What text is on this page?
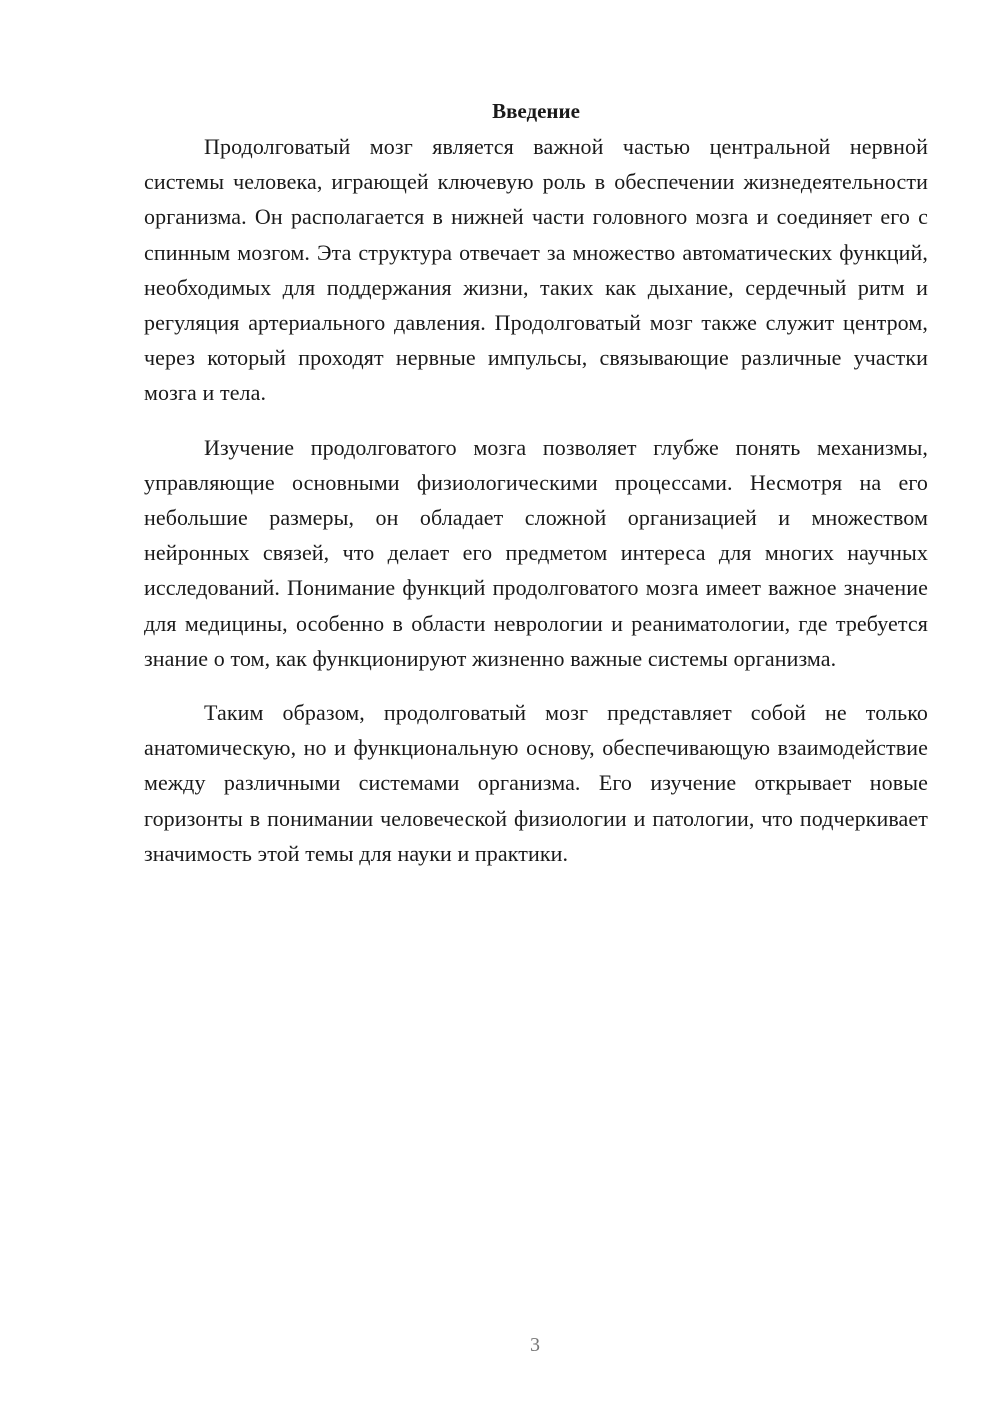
Введение

Продолговатый мозг является важной частью центральной нервной системы человека, играющей ключевую роль в обеспечении жизнедеятельности организма. Он располагается в нижней части головного мозга и соединяет его с спинным мозгом. Эта структура отвечает за множество автоматических функций, необходимых для поддержания жизни, таких как дыхание, сердечный ритм и регуляция артериального давления. Продолговатый мозг также служит центром, через который проходят нервные импульсы, связывающие различные участки мозга и тела.

Изучение продолговатого мозга позволяет глубже понять механизмы, управляющие основными физиологическими процессами. Несмотря на его небольшие размеры, он обладает сложной организацией и множеством нейронных связей, что делает его предметом интереса для многих научных исследований. Понимание функций продолговатого мозга имеет важное значение для медицины, особенно в области неврологии и реаниматологии, где требуется знание о том, как функционируют жизненно важные системы организма.

Таким образом, продолговатый мозг представляет собой не только анатомическую, но и функциональную основу, обеспечивающую взаимодействие между различными системами организма. Его изучение открывает новые горизонты в понимании человеческой физиологии и патологии, что подчеркивает значимость этой темы для науки и практики.

3
